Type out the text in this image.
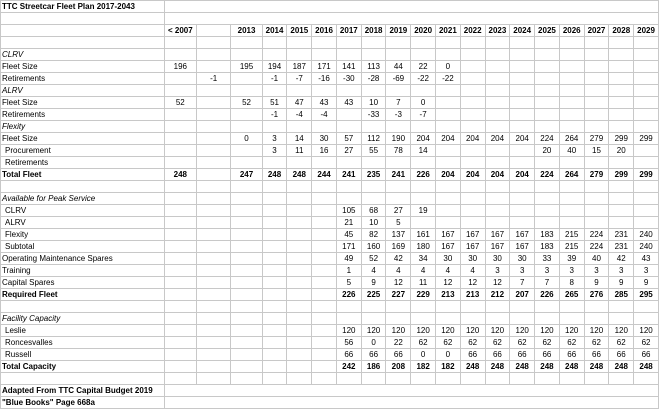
TTC Streetcar Fleet Plan 2017-2043																			

	< 2007		2013	2014	2015	2016	2017	2018	2019	2020	2021	2022	2023	2024	2025	2026	2027	2028	2029

CLRV																			
Fleet Size	196		195	194	187	171	141	113	44	22	0								
Retirements		-1		-1	-7	-16	-30	-28	-69	-22	-22								
ALRV																			
Fleet Size	52		52	51	47	43	43	10	7	0									
Retirements				-1	-4	-4		-33	-3	-7									
Flexity																			
Fleet Size			0	3	14	30	57	112	190	204	204	204	204	204	224	264	279	299	299
Procurement				3	11	16	27	55	78	14					20	40	15	20	
Retirements																			
Total Fleet	248		247	248	248	244	241	235	241	226	204	204	204	204	224	264	279	299	299

Available for Peak Service																			
CLRV							105	68	27	19									
ALRV							21	10	5										
Flexity							45	82	137	161	167	167	167	167	183	215	224	231	240
Subtotal							171	160	169	180	167	167	167	167	183	215	224	231	240
Operating Maintenance Spares							49	52	42	34	30	30	30	30	33	39	40	42	43
Training							1	4	4	4	4	4	3	3	3	3	3	3	3
Capital Spares							5	9	12	11	12	12	12	7	7	8	9	9	9
Required Fleet							226	225	227	229	213	213	212	207	226	265	276	285	295

Facility Capacity																			
Leslie							120	120	120	120	120	120	120	120	120	120	120	120	120
Roncesvalles							56	0	22	62	62	62	62	62	62	62	62	62	62
Russell							66	66	66	0	0	66	66	66	66	66	66	66	66
Total Capacity							242	186	208	182	182	248	248	248	248	248	248	248	248

Adapted From TTC Capital Budget 2019																			
"Blue Books" Page 668a																			
